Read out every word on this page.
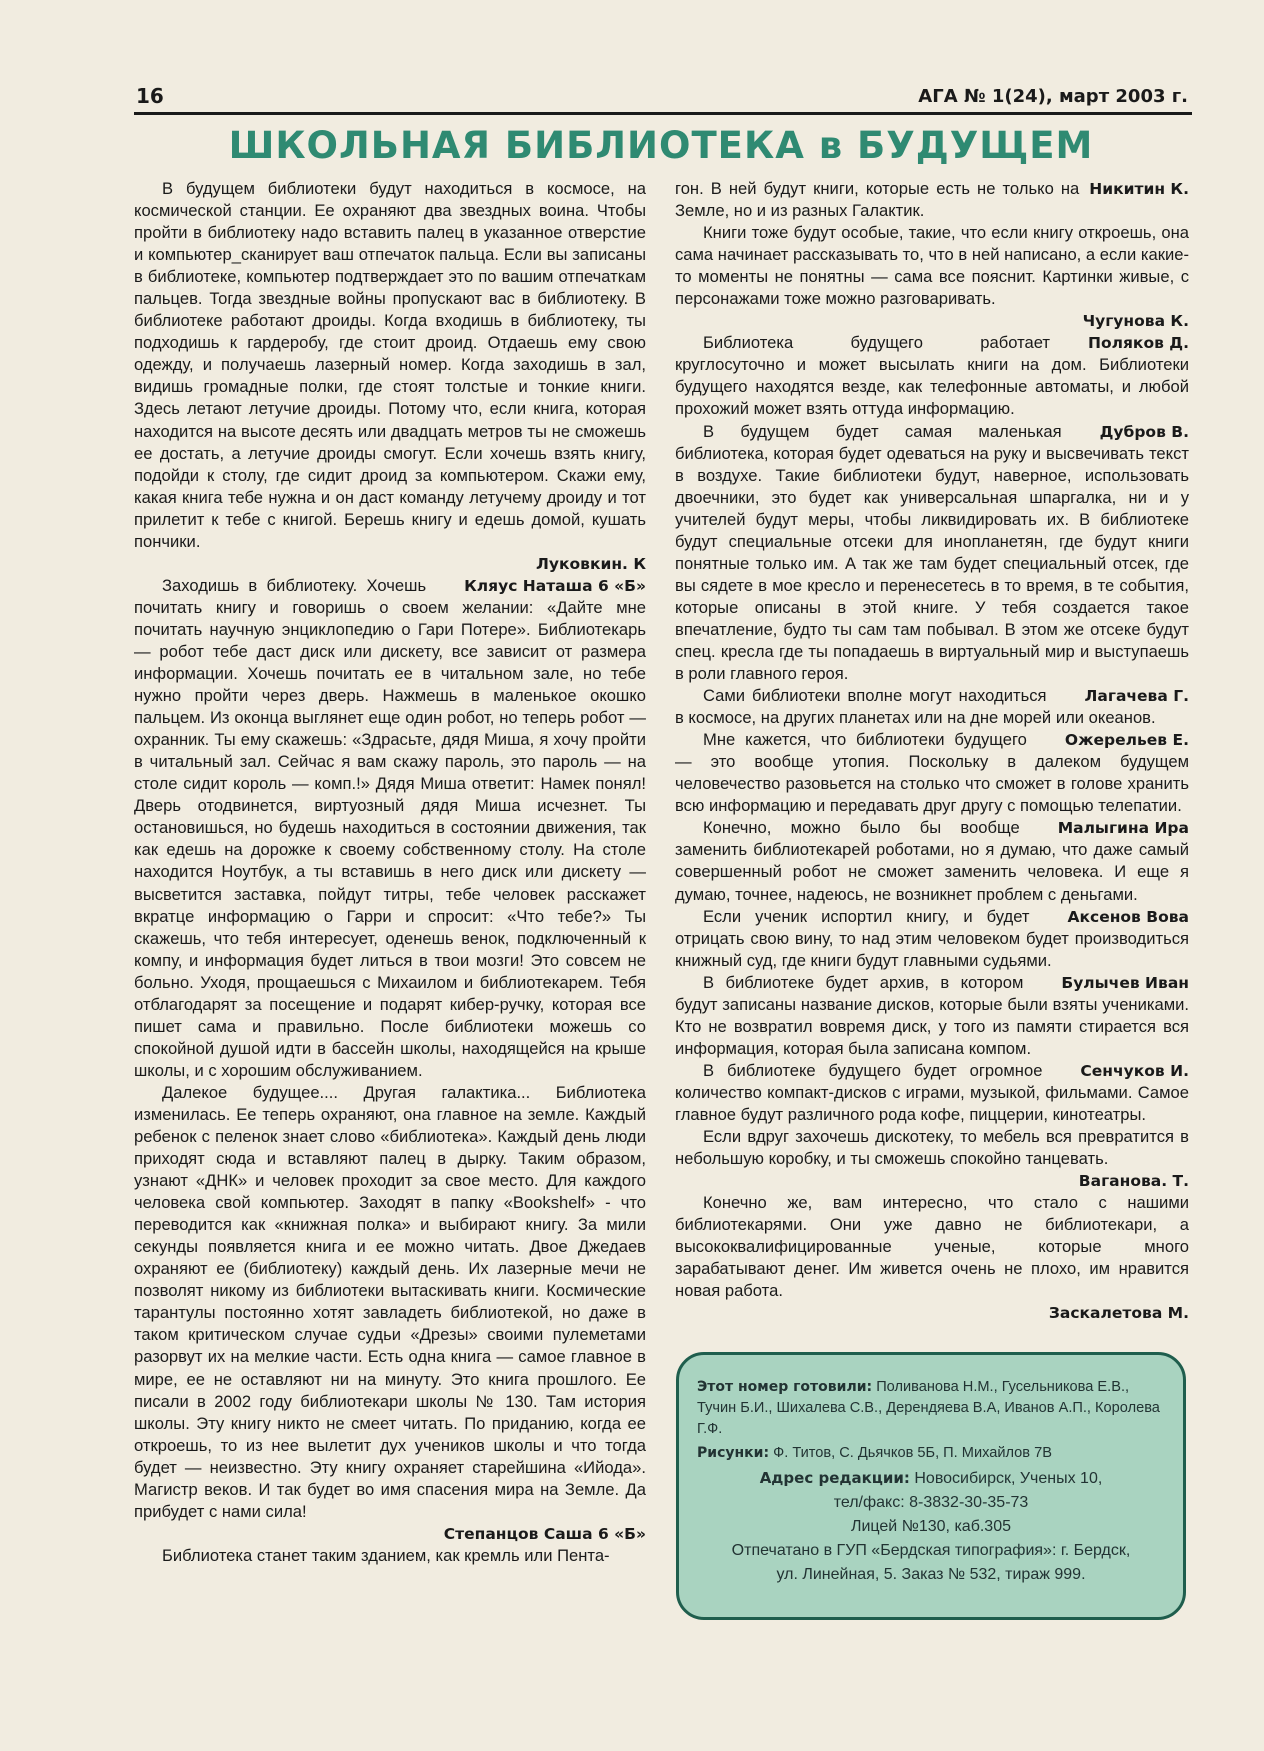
16	АГА № 1(24), март 2003 г.
ШКОЛЬНАЯ БИБЛИОТЕКА в БУДУЩЕМ

В будущем библиотеки будут находиться в космосе, на космической станции. Ее охраняют два звездных воина. Чтобы пройти в библиотеку надо вставить палец в указанное отверстие и компьютер_сканирует ваш отпечаток пальца. Если вы записаны в библиотеке, компьютер подтверждает это по вашим отпечаткам пальцев. Тогда звездные войны пропускают вас в библиотеку. В библиотеке работают дроиды. Когда входишь в библиотеку, ты подходишь к гардеробу, где стоит дроид. Отдаешь ему свою одежду, и получаешь лазерный номер. Когда заходишь в зал, видишь громадные полки, где стоят толстые и тонкие книги. Здесь летают летучие дроиды. Потому что, если книга, которая находится на высоте десять или двадцать метров ты не сможешь ее достать, а летучие дроиды смогут. Если хочешь взять книгу, подойди к столу, где сидит дроид за компьютером. Скажи ему, какая книга тебе нужна и он даст команду летучему дроиду и тот прилетит к тебе с книгой. Берешь книгу и едешь домой, кушать пончики.

Луковкин. К

Кляус Наташа 6 «Б»
Заходишь в библиотеку. Хочешь почитать книгу и говоришь о своем желании: «Дайте мне почитать научную энциклопедию о Гари Потере». Библиотекарь — робот тебе даст диск или дискету, все зависит от размера информации. Хочешь почитать ее в читальном зале, но тебе нужно пройти через дверь. Нажмешь в маленькое окошко пальцем. Из оконца выглянет еще один робот, но теперь робот — охранник. Ты ему скажешь: «Здрасьте, дядя Миша, я хочу пройти в читальный зал. Сейчас я вам скажу пароль, это пароль — на столе сидит король — комп.!» Дядя Миша ответит: Намек понял! Дверь отодвинется, виртуозный дядя Миша исчезнет. Ты остановишься, но будешь находиться в состоянии движения, так как едешь на дорожке к своему собственному столу. На столе находится Ноутбук, а ты вставишь в него диск или дискету — высветится заставка, пойдут титры, тебе человек расскажет вкратце информацию о Гарри и спросит: «Что тебе?» Ты скажешь, что тебя интересует, оденешь венок, подключенный к компу, и информация будет литься в твои мозги! Это совсем не больно. Уходя, прощаешься с Михаилом и библиотекарем. Тебя отблагодарят за посещение и подарят кибер-ручку, которая все пишет сама и правильно. После библиотеки можешь со спокойной душой идти в бассейн школы, находящейся на крыше школы, и с хорошим обслуживанием.

Далекое будущее.... Другая галактика... Библиотека изменилась. Ее теперь охраняют, она главное на земле. Каждый ребенок с пеленок знает слово «библиотека». Каждый день люди приходят сюда и вставляют палец в дырку. Таким образом, узнают «ДНК» и человек проходит за свое место. Для каждого человека свой компьютер. Заходят в папку «Bookshelf» - что переводится как «книжная полка» и выбирают книгу. За мили секунды появляется книга и ее можно читать. Двое Джедаев охраняют ее (библиотеку) каждый день. Их лазерные мечи не позволят никому из библиотеки вытаскивать книги. Космические тарантулы постоянно хотят завладеть библиотекой, но даже в таком критическом случае судьи «Дрезы» своими пулеметами разорвут их на мелкие части. Есть одна книга — самое главное в мире, ее не оставляют ни на минуту. Это книга прошлого. Ее писали в 2002 году библиотекари школы № 130. Там история школы. Эту книгу никто не смеет читать. По приданию, когда ее откроешь, то из нее вылетит дух учеников школы и что тогда будет — неизвестно. Эту книгу охраняет старейшина «Ийода». Магистр веков. И так будет во имя спасения мира на Земле. Да прибудет с нами сила!

Степанцов Саша 6 «Б»

Библиотека станет таким зданием, как кремль или Пента-

Никитин К.
гон. В ней будут книги, которые есть не только на Земле, но и из разных Галактик.

Книги тоже будут особые, такие, что если книгу откроешь, она сама начинает рассказывать то, что в ней написано, а если какие-то моменты не понятны — сама все пояснит. Картинки живые, с персонажами тоже можно разговаривать.

Чугунова К.

Поляков Д.
Библиотека будущего работает круглосуточно и может высылать книги на дом. Библиотеки будущего находятся везде, как телефонные автоматы, и любой прохожий может взять оттуда информацию.

Дубров В.
В будущем будет самая маленькая библиотека, которая будет одеваться на руку и высвечивать текст в воздухе. Такие библиотеки будут, наверное, использовать двоечники, это будет как универсальная шпаргалка, ни и у учителей будут меры, чтобы ликвидировать их. В библиотеке будут специальные отсеки для инопланетян, где будут книги понятные только им. А так же там будет специальный отсек, где вы сядете в мое кресло и перенесетесь в то время, в те события, которые описаны в этой книге. У тебя создается такое впечатление, будто ты сам там побывал. В этом же отсеке будут спец. кресла где ты попадаешь в виртуальный мир и выступаешь в роли главного героя.

Лагачева Г.
Сами библиотеки вполне могут находиться в космосе, на других планетах или на дне морей или океанов.

Ожерельев Е.
Мне кажется, что библиотеки будущего — это вообще утопия. Поскольку в далеком будущем человечество разовьется на столько что сможет в голове хранить всю информацию и передавать друг другу с помощью телепатии.

Малыгина Ира
Конечно, можно было бы вообще заменить библиотекарей роботами, но я думаю, что даже самый совершенный робот не сможет заменить человека. И еще я думаю, точнее, надеюсь, не возникнет проблем с деньгами.

Аксенов Вова
Если ученик испортил книгу, и будет отрицать свою вину, то над этим человеком будет производиться книжный суд, где книги будут главными судьями.

Булычев Иван
В библиотеке будет архив, в котором будут записаны название дисков, которые были взяты учениками. Кто не возвратил вовремя диск, у того из памяти стирается вся информация, которая была записана компом.

Сенчуков И.
В библиотеке будущего будет огромное количество компакт-дисков с играми, музыкой, фильмами. Самое главное будут различного рода кофе, пиццерии, кинотеатры.

Если вдруг захочешь дискотеку, то мебель вся превратится в небольшую коробку, и ты сможешь спокойно танцевать.

Ваганова. Т.

Конечно же, вам интересно, что стало с нашими библиотекарями. Они уже давно не библиотекари, а высококвалифицированные ученые, которые много зарабатывают денег. Им живется очень не плохо, им нравится новая работа.

Заскалетова М.
Этот номер готовили: Поливанова Н.М., Гусельникова Е.В., Тучин Б.И., Шихалева С.В., Дерендяева В.А, Иванов А.П., Королева Г.Ф.
Рисунки: Ф. Титов, С. Дьячков 5Б, П. Михайлов 7В
Адрес редакции: Новосибирск, Ученых 10,
тел/факс: 8-3832-30-35-73
Лицей №130, каб.305
Отпечатано в ГУП «Бердская типография»: г. Бердск,
ул. Линейная, 5. Заказ № 532, тираж 999.
